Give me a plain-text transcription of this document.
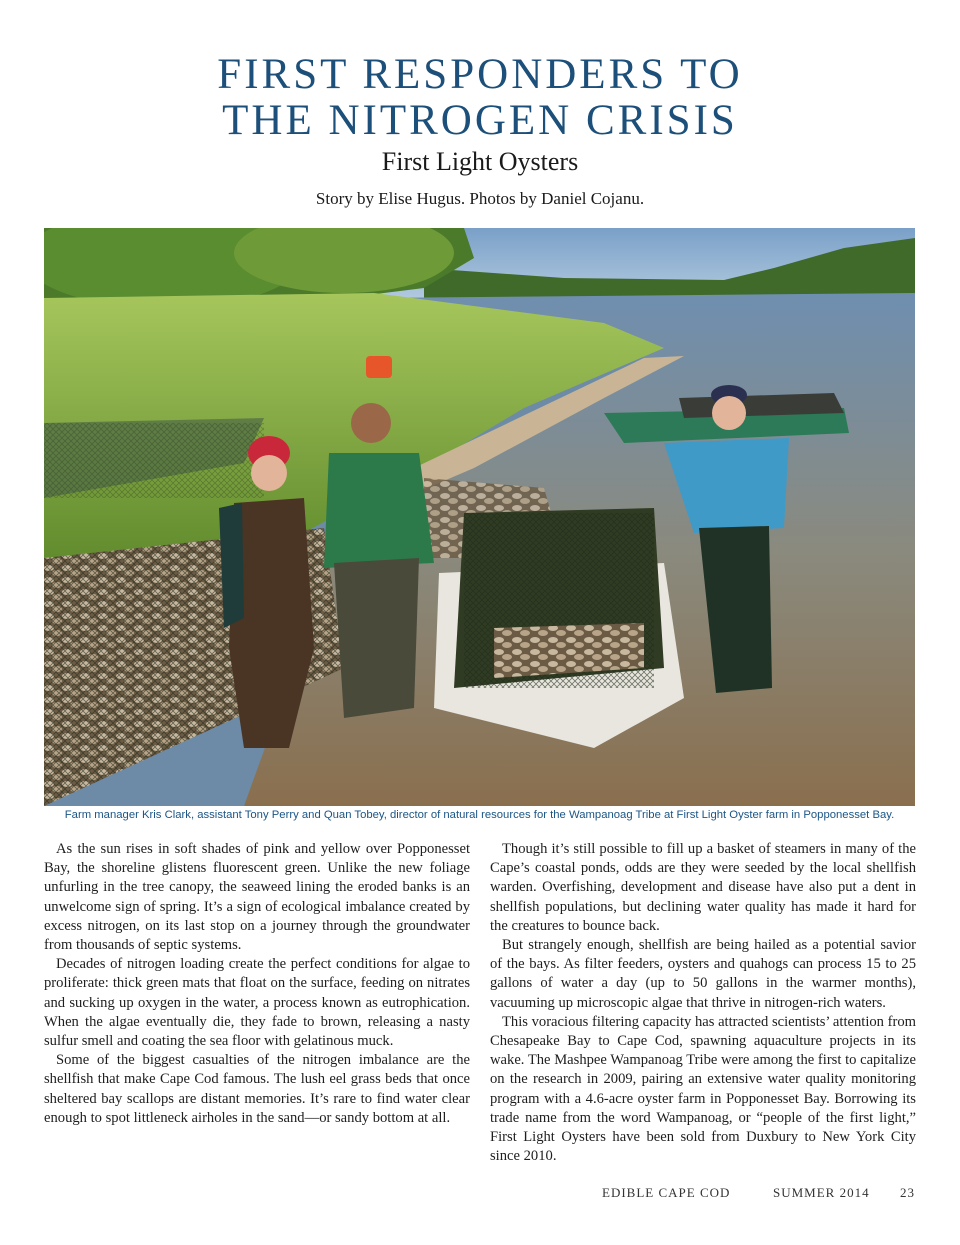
FIRST RESPONDERS TO
THE NITROGEN CRISIS
First Light Oysters
Story by Elise Hugus. Photos by Daniel Cojanu.
Farm manager Kris Clark, assistant Tony Perry and Quan Tobey, director of natural resources for the Wampanoag Tribe at First Light Oyster farm in Popponesset Bay.

As the sun rises in soft shades of pink and yellow over Popponesset Bay, the shoreline glistens fluorescent green. Unlike the new foliage unfurling in the tree canopy, the seaweed lining the eroded banks is an unwelcome sign of spring. It’s a sign of ecological imbalance created by excess nitrogen, on its last stop on a journey through the groundwater from thousands of septic systems.

Decades of nitrogen loading create the perfect conditions for algae to proliferate: thick green mats that float on the surface, feeding on nitrates and sucking up oxygen in the water, a process known as eutrophication. When the algae eventually die, they fade to brown, releasing a nasty sulfur smell and coating the sea floor with gelatinous muck.

Some of the biggest casualties of the nitrogen imbalance are the shellfish that make Cape Cod famous. The lush eel grass beds that once sheltered bay scallops are distant memories. It’s rare to find water clear enough to spot littleneck airholes in the sand—or sandy bottom at all.

Though it’s still possible to fill up a basket of steamers in many of the Cape’s coastal ponds, odds are they were seeded by the local shellfish warden. Overfishing, development and disease have also put a dent in shellfish populations, but declining water quality has made it hard for the creatures to bounce back.

But strangely enough, shellfish are being hailed as a potential savior of the bays. As filter feeders, oysters and quahogs can process 15 to 25 gallons of water a day (up to 50 gallons in the warmer months), vacuuming up microscopic algae that thrive in nitrogen-rich waters.

This voracious filtering capacity has attracted scientists’ attention from Chesapeake Bay to Cape Cod, spawning aquaculture projects in its wake. The Mashpee Wampanoag Tribe were among the first to capitalize on the research in 2009, pairing an extensive water quality monitoring program with a 4.6-acre oyster farm in Popponesset Bay. Borrowing its trade name from the word Wampanoag, or “people of the first light,” First Light Oysters have been sold from Duxbury to New York City since 2010.

EDIBLE CAPE COD	SUMMER 2014 23
